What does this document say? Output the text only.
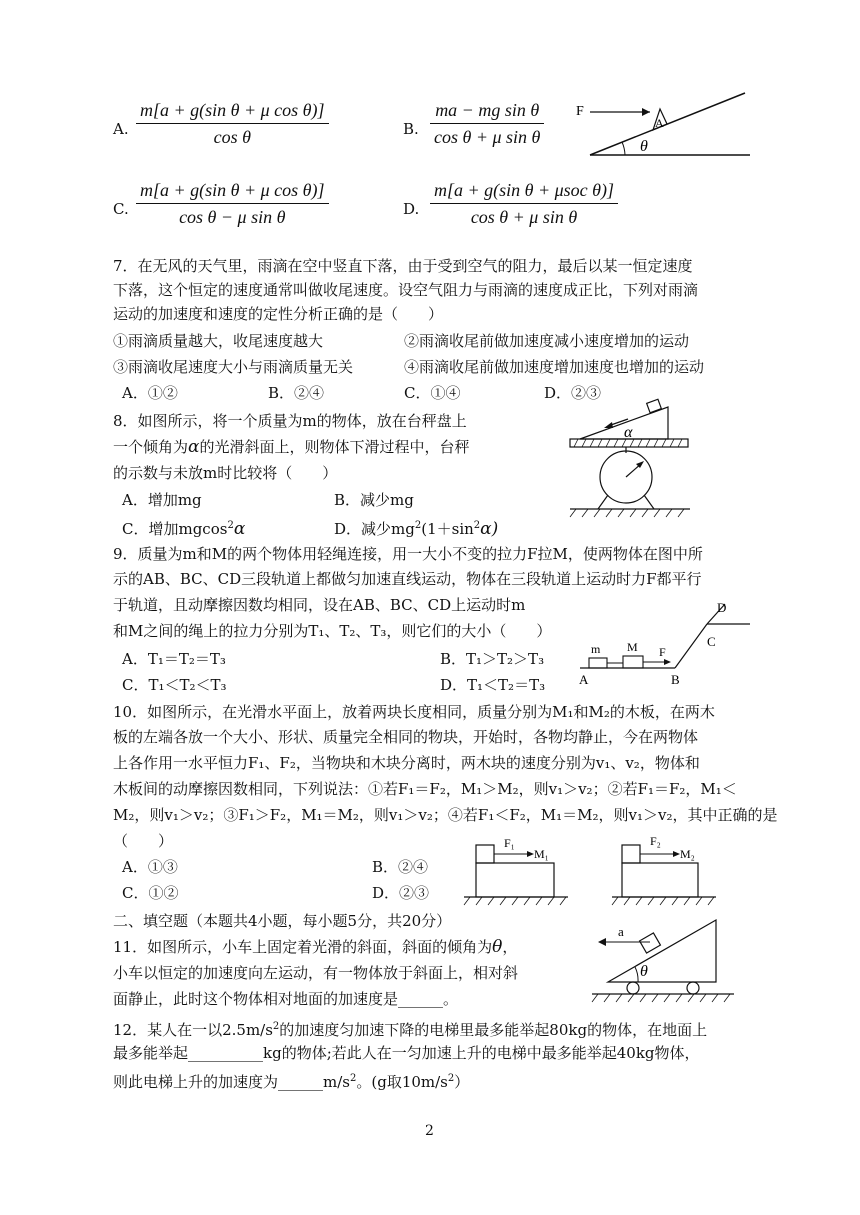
A. $\frac{\text{m[a + g(sin θ + μ cos θ)]}}{\text{cos θ}}$	B. $\frac{\text{ma − mg sin θ}}{\text{cos θ + μ sin θ}}$
C. $\frac{\text{m[a + g(sin θ + μ cos θ)]}}{\text{cos θ − μ sin θ}}$	D.
m[a + g(sin θ + μsoc θ)]
cos θ + μ sin θ
A
F
θ
7．在无风的天气里，雨滴在空中竖直下落，由于受到空气的阻力，最后以某一恒定速度
下落，这个恒定的速度通常叫做收尾速度。设空气阻力与雨滴的速度成正比，下列对雨滴
运动的加速度和速度的定性分析正确的是（　　）
①雨滴质量越大，收尾速度越大	②雨滴收尾前做加速度减小速度增加的运动
③雨滴收尾速度大小与雨滴质量无关	④雨滴收尾前做加速度增加速度也增加的运动
A．①②	B．②④	C．①④	D．②③
8．如图所示，将一个质量为m的物体，放在台秤盘上
一个倾角为α的光滑斜面上，则物体下滑过程中，台秤
的示数与未放m时比较将（　　）
A．增加mg	B．减少mg
C．增加mgcos$^2$α	D．减少$mg^2(1+\sin^2\alpha)$
α
9．质量为m和M的两个物体用轻绳连接，用一大小不变的拉力F拉M，使两物体在图中所
示的AB、BC、CD三段轨道上都做匀加速直线运动，物体在三段轨道上运动时力F都平行
于轨道，且动摩擦因数均相同，设在AB、BC、CD上运动时m
和M之间的绳上的拉力分别为T₁、T₂、T₃，则它们的大小（　　）
A．T₁＝T₂＝T₃	B．T₁＞T₂＞T₃
C．T₁＜T₂＜T₃	D．T₁＜T₂＝T₃
m M F
A	B
C
D
10．如图所示，在光滑水平面上，放着两块长度相同，质量分别为M₁和M₂的木板，在两木
板的左端各放一个大小、形状、质量完全相同的物块，开始时，各物均静止，今在两物体
上各作用一水平恒力F₁、F₂，当物块和木块分离时，两木块的速度分别为v₁、v₂，物体和
木板间的动摩擦因数相同，下列说法：①若F₁＝F₂，M₁＞M₂，则v₁＞v₂；②若F₁＝F₂，M₁＜
M₂，则v₁＞v₂；③F₁＞F₂，M₁＝M₂，则v₁＞v₂；④若F₁＜F₂，M₁＝M₂，则v₁＞v₂，其中正确的是
（　　）
A．①③	B．②④
C．①②	D．②③
F₁
M₁
F₂
M₂
二、填空题（本题共4小题，每小题5分，共20分）
11．如图所示，小车上固定着光滑的斜面，斜面的倾角为θ，
小车以恒定的加速度向左运动，有一物体放于斜面上，相对斜
面静止，此时这个物体相对地面的加速度是______。
a
θ
12．某人在一以$2.5m/s^2$的加速度匀加速下降的电梯里最多能举起80kg的物体，在地面上
最多能举起__________kg的物体;若此人在一匀加速上升的电梯中最多能举起40kg物体，
则此电梯上升的加速度为$\_\_\_\_\_\_m/s^2$。(g取$10m/s^2$）
2
